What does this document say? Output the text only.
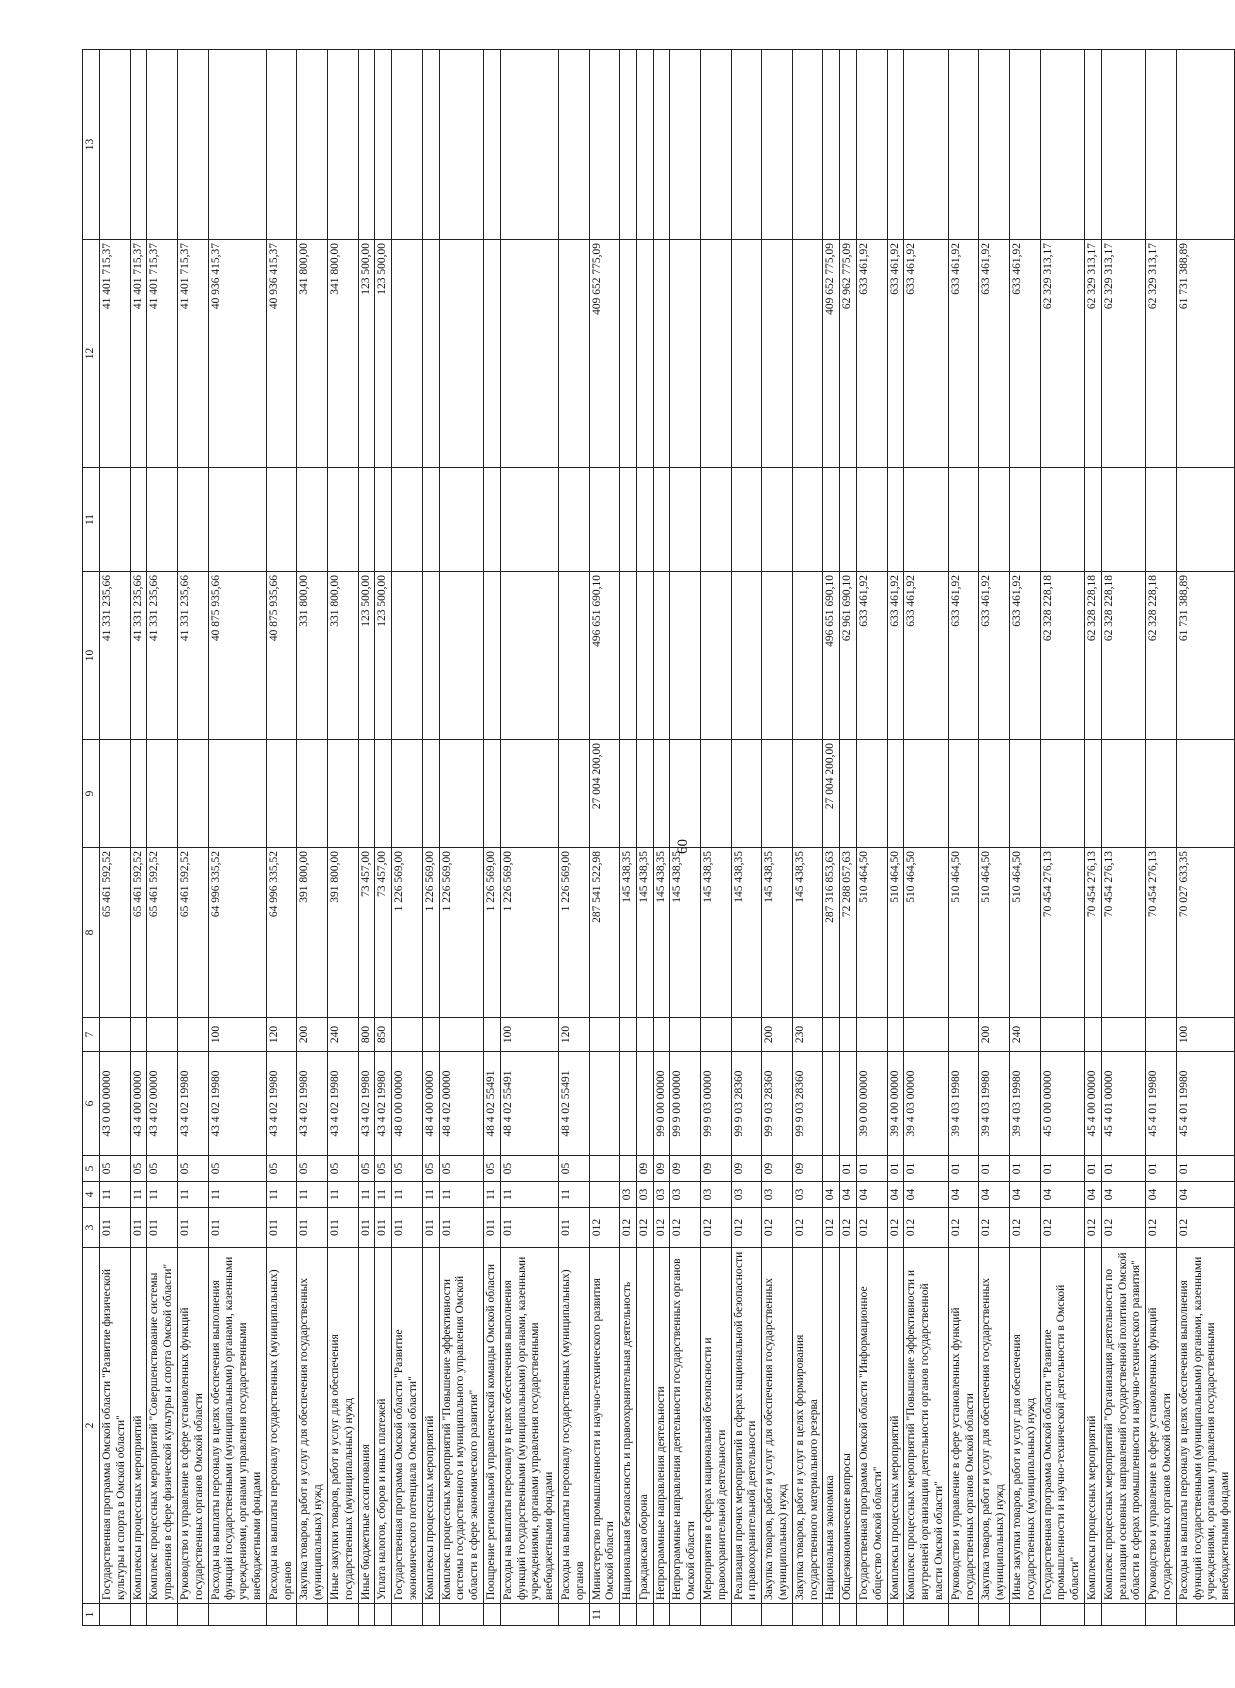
60
1	2	3	4	5	6	7	8	9	10	11	12	13
	Государственная программа Омской области "Развитие физической культуры и спорта в Омской области"	011	11	05	43 0 00 00000		65 461 592,52		41 331 235,66		41 401 715,37	
	Комплексы процессных мероприятий	011	11	05	43 4 00 00000		65 461 592,52		41 331 235,66		41 401 715,37	
	Комплекс процессных мероприятий "Совершенствование системы управления в сфере физической культуры и спорта Омской области"	011	11	05	43 4 02 00000		65 461 592,52		41 331 235,66		41 401 715,37	
	Руководство и управление в сфере установленных функций государственных органов Омской области	011	11	05	43 4 02 19980		65 461 592,52		41 331 235,66		41 401 715,37	
	Расходы на выплаты персоналу в целях обеспечения выполнения функций государственными (муниципальными) органами, казенными учреждениями, органами управления государственными внебюджетными фондами	011	11	05	43 4 02 19980	100	64 996 335,52		40 875 935,66		40 936 415,37	
	Расходы на выплаты персоналу государственных (муниципальных) органов	011	11	05	43 4 02 19980	120	64 996 335,52		40 875 935,66		40 936 415,37	
	Закупка товаров, работ и услуг для обеспечения государственных (муниципальных) нужд	011	11	05	43 4 02 19980	200	391 800,00		331 800,00		341 800,00	
	Иные закупки товаров, работ и услуг для обеспечения государственных (муниципальных) нужд	011	11	05	43 4 02 19980	240	391 800,00		331 800,00		341 800,00	
	Иные бюджетные ассигнования	011	11	05	43 4 02 19980	800	73 457,00		123 500,00		123 500,00	
	Уплата налогов, сборов и иных платежей	011	11	05	43 4 02 19980	850	73 457,00		123 500,00		123 500,00	
	Государственная программа Омской области "Развитие экономического потенциала Омской области"	011	11	05	48 0 00 00000		1 226 569,00					
	Комплексы процессных мероприятий	011	11	05	48 4 00 00000		1 226 569,00					
	Комплекс процессных мероприятий "Повышение эффективности системы государственного и муниципального управления Омской области в сфере экономического развития"	011	11	05	48 4 02 00000		1 226 569,00					
	Поощрение региональной управленческой команды Омской области	011	11	05	48 4 02 55491		1 226 569,00					
	Расходы на выплаты персоналу в целях обеспечения выполнения функций государственными (муниципальными) органами, казенными учреждениями, органами управления государственными внебюджетными фондами	011	11	05	48 4 02 55491	100	1 226 569,00					
	Расходы на выплаты персоналу государственных (муниципальных) органов	011	11	05	48 4 02 55491	120	1 226 569,00					
11	Министерство промышленности и научно-технического развития Омской области	012					287 541 522,98	27 004 200,00	496 651 690,10		409 652 775,09	
	Национальная безопасность и правоохранительная деятельность	012	03				145 438,35					
	Гражданская оборона	012	03	09			145 438,35					
	Непрограммные направления деятельности	012	03	09	99 0 00 00000		145 438,35					
	Непрограммные направления деятельности государственных органов Омской области	012	03	09	99 9 00 00000		145 438,35					
	Мероприятия в сферах национальной безопасности и правоохранительной деятельности	012	03	09	99 9 03 00000		145 438,35					
	Реализация прочих мероприятий в сферах национальной безопасности и правоохранительной деятельности	012	03	09	99 9 03 28360		145 438,35					
	Закупка товаров, работ и услуг для обеспечения государственных (муниципальных) нужд	012	03	09	99 9 03 28360	200	145 438,35					
	Закупка товаров, работ и услуг в целях формирования государственного материального резерва	012	03	09	99 9 03 28360	230	145 438,35					
	Национальная экономика	012	04				287 316 853,63	27 004 200,00	496 651 690,10		409 652 775,09	
	Общеэкономические вопросы	012	04	01			72 288 057,63		62 961 690,10		62 962 775,09	
	Государственная программа Омской области "Информационное общество Омской области"	012	04	01	39 0 00 00000		510 464,50		633 461,92		633 461,92	
	Комплексы процессных мероприятий	012	04	01	39 4 00 00000		510 464,50		633 461,92		633 461,92	
	Комплекс процессных мероприятий "Повышение эффективности и внутренней организации деятельности органов государственной власти Омской области"	012	04	01	39 4 03 00000		510 464,50		633 461,92		633 461,92	
	Руководство и управление в сфере установленных функций государственных органов Омской области	012	04	01	39 4 03 19980		510 464,50		633 461,92		633 461,92	
	Закупка товаров, работ и услуг для обеспечения государственных (муниципальных) нужд	012	04	01	39 4 03 19980	200	510 464,50		633 461,92		633 461,92	
	Иные закупки товаров, работ и услуг для обеспечения государственных (муниципальных) нужд	012	04	01	39 4 03 19980	240	510 464,50		633 461,92		633 461,92	
	Государственная программа Омской области "Развитие промышленности и научно-технической деятельности в Омской области"	012	04	01	45 0 00 00000		70 454 276,13		62 328 228,18		62 329 313,17	
	Комплексы процессных мероприятий	012	04	01	45 4 00 00000		70 454 276,13		62 328 228,18		62 329 313,17	
	Комплекс процессных мероприятий "Организация деятельности по реализации основных направлений государственной политики Омской области в сферах промышленности и научно-технического развития"	012	04	01	45 4 01 00000		70 454 276,13		62 328 228,18		62 329 313,17	
	Руководство и управление в сфере установленных функций государственных органов Омской области	012	04	01	45 4 01 19980		70 454 276,13		62 328 228,18		62 329 313,17	
	Расходы на выплаты персоналу в целях обеспечения выполнения функций государственными (муниципальными) органами, казенными учреждениями, органами управления государственными внебюджетными фондами	012	04	01	45 4 01 19980	100	70 027 633,35		61 731 388,89		61 731 388,89	
